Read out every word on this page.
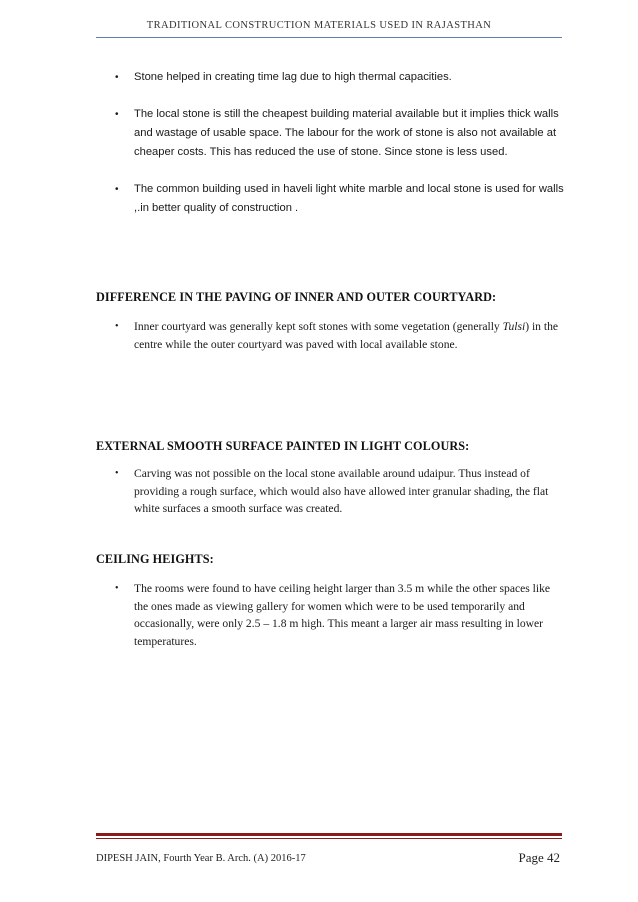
TRADITIONAL CONSTRUCTION MATERIALS USED IN RAJASTHAN
• Stone helped in creating time lag due to high thermal capacities.
• The local stone is still the cheapest building material available but it implies thick walls and wastage of usable space. The labour for the work of stone is also not available at cheaper costs. This has reduced the use of stone. Since stone is less used.
• The common building used in haveli light white marble and local stone is used for walls ,.in better quality of construction .
DIFFERENCE IN THE PAVING OF INNER AND OUTER COURTYARD:
• Inner courtyard was generally kept soft stones with some vegetation (generally Tulsi) in the centre while the outer courtyard was paved with local available stone.
EXTERNAL SMOOTH SURFACE PAINTED IN LIGHT COLOURS:
• Carving was not possible on the local stone available around udaipur. Thus instead of providing a rough surface, which would also have allowed inter granular shading, the flat white surfaces a smooth surface was created.
CEILING HEIGHTS:
• The rooms were found to have ceiling height larger than 3.5 m while the other spaces like the ones made as viewing gallery for women which were to be used temporarily and occasionally, were only 2.5 – 1.8 m high. This meant a larger air mass resulting in lower temperatures.
DIPESH JAIN, Fourth Year B. Arch. (A) 2016-17	Page 42
